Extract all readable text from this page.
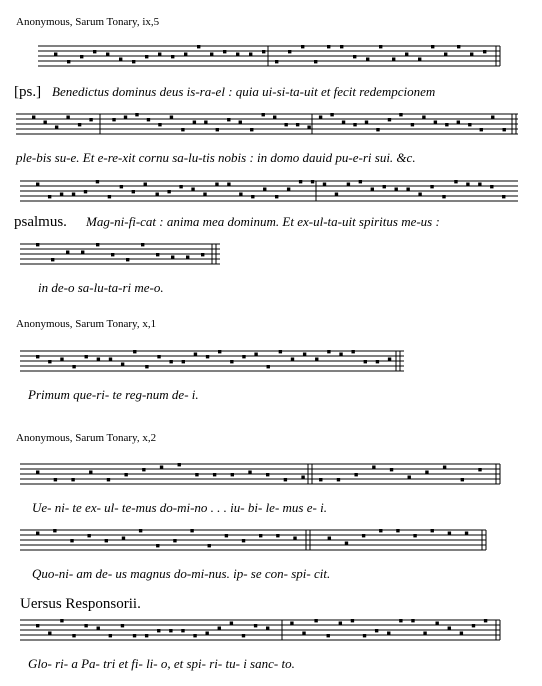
Anonymous, Sarum Tonary, ix,5
[ps.] Benedictus dominus deus is-ra-el : quia ui-si-ta-uit et fecit redempcionem
ple-bis su-e. Et e-re-xit cornu sa-lu-tis nobis : in domo dauid pu-e-ri sui. &c.
psalmus. Mag-ni-fi-cat : anima mea dominum. Et ex-ul-ta-uit spiritus me-us :
in de-o sa-lu-ta-ri me-o.
Anonymous, Sarum Tonary, x,1
Primum que-ri- te reg-num de- i.
Anonymous, Sarum Tonary, x,2
Ue- ni- te ex- ul- te-mus do-mi-no . . . iu- bi- le- mus e- i.
Quo-ni- am de- us magnus do-mi-nus. ip- se con- spi- cit.
Uersus Responsorii.
Glo- ri- a Pa- tri et fi- li- o, et spi- ri- tu- i sanc- to.
